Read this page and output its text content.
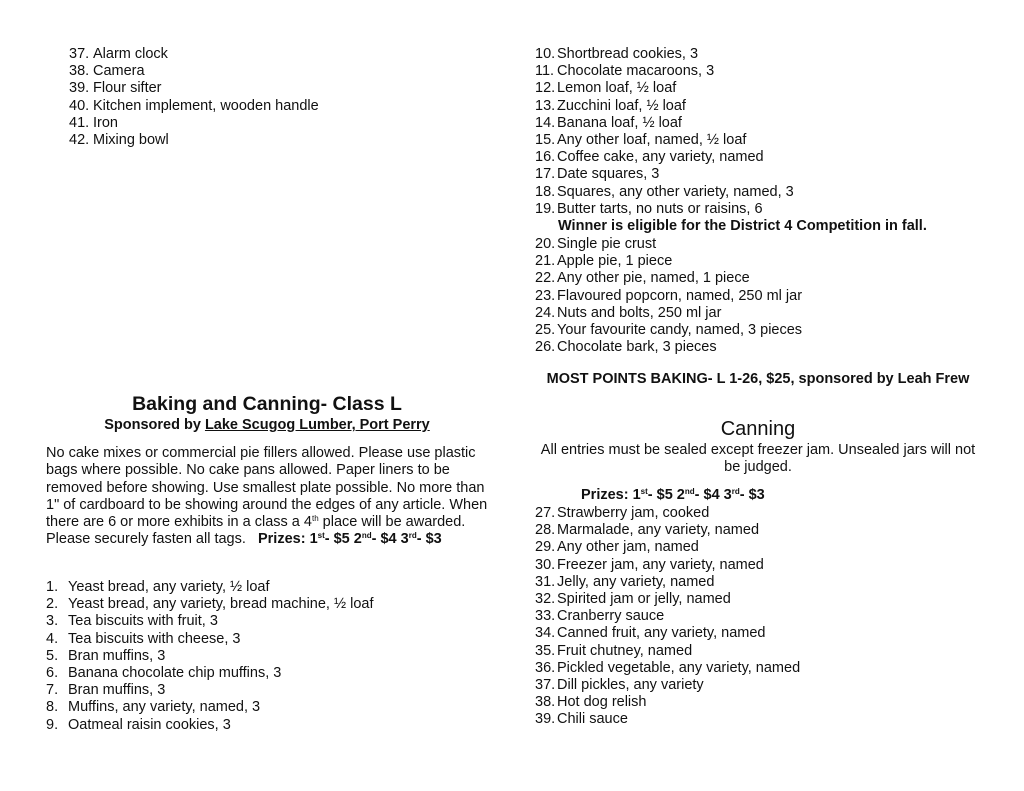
37. Alarm clock
38. Camera
39. Flour sifter
40. Kitchen implement, wooden handle
41. Iron
42. Mixing bowl
Baking and Canning- Class L
Sponsored by Lake Scugog Lumber, Port Perry
No cake mixes or commercial pie fillers allowed. Please use plastic bags where possible. No cake pans allowed. Paper liners to be removed before showing. Use smallest plate possible. No more than 1" of cardboard to be showing around the edges of any article. When there are 6 or more exhibits in a class a 4th place will be awarded. Please securely fasten all tags. Prizes: 1st- $5 2nd- $4 3rd- $3
1. Yeast bread, any variety, ½ loaf
2. Yeast bread, any variety, bread machine, ½ loaf
3. Tea biscuits with fruit, 3
4. Tea biscuits with cheese, 3
5. Bran muffins, 3
6. Banana chocolate chip muffins, 3
7. Bran muffins, 3
8. Muffins, any variety, named, 3
9. Oatmeal raisin cookies, 3
10. Shortbread cookies, 3
11. Chocolate macaroons, 3
12. Lemon loaf, ½ loaf
13. Zucchini loaf, ½ loaf
14. Banana loaf, ½ loaf
15. Any other loaf, named, ½ loaf
16. Coffee cake, any variety, named
17. Date squares, 3
18. Squares, any other variety, named, 3
19. Butter tarts, no nuts or raisins, 6
Winner is eligible for the District 4 Competition in fall.
20. Single pie crust
21. Apple pie, 1 piece
22. Any other pie, named, 1 piece
23. Flavoured popcorn, named, 250 ml jar
24. Nuts and bolts, 250 ml jar
25. Your favourite candy, named, 3 pieces
26. Chocolate bark, 3 pieces
MOST POINTS BAKING- L 1-26, $25, sponsored by Leah Frew
Canning
All entries must be sealed except freezer jam. Unsealed jars will not be judged.
Prizes: 1st- $5 2nd- $4 3rd- $3
27. Strawberry jam, cooked
28. Marmalade, any variety, named
29. Any other jam, named
30. Freezer jam, any variety, named
31. Jelly, any variety, named
32. Spirited jam or jelly, named
33. Cranberry sauce
34. Canned fruit, any variety, named
35. Fruit chutney, named
36. Pickled vegetable, any variety, named
37. Dill pickles, any variety
38. Hot dog relish
39. Chili sauce
